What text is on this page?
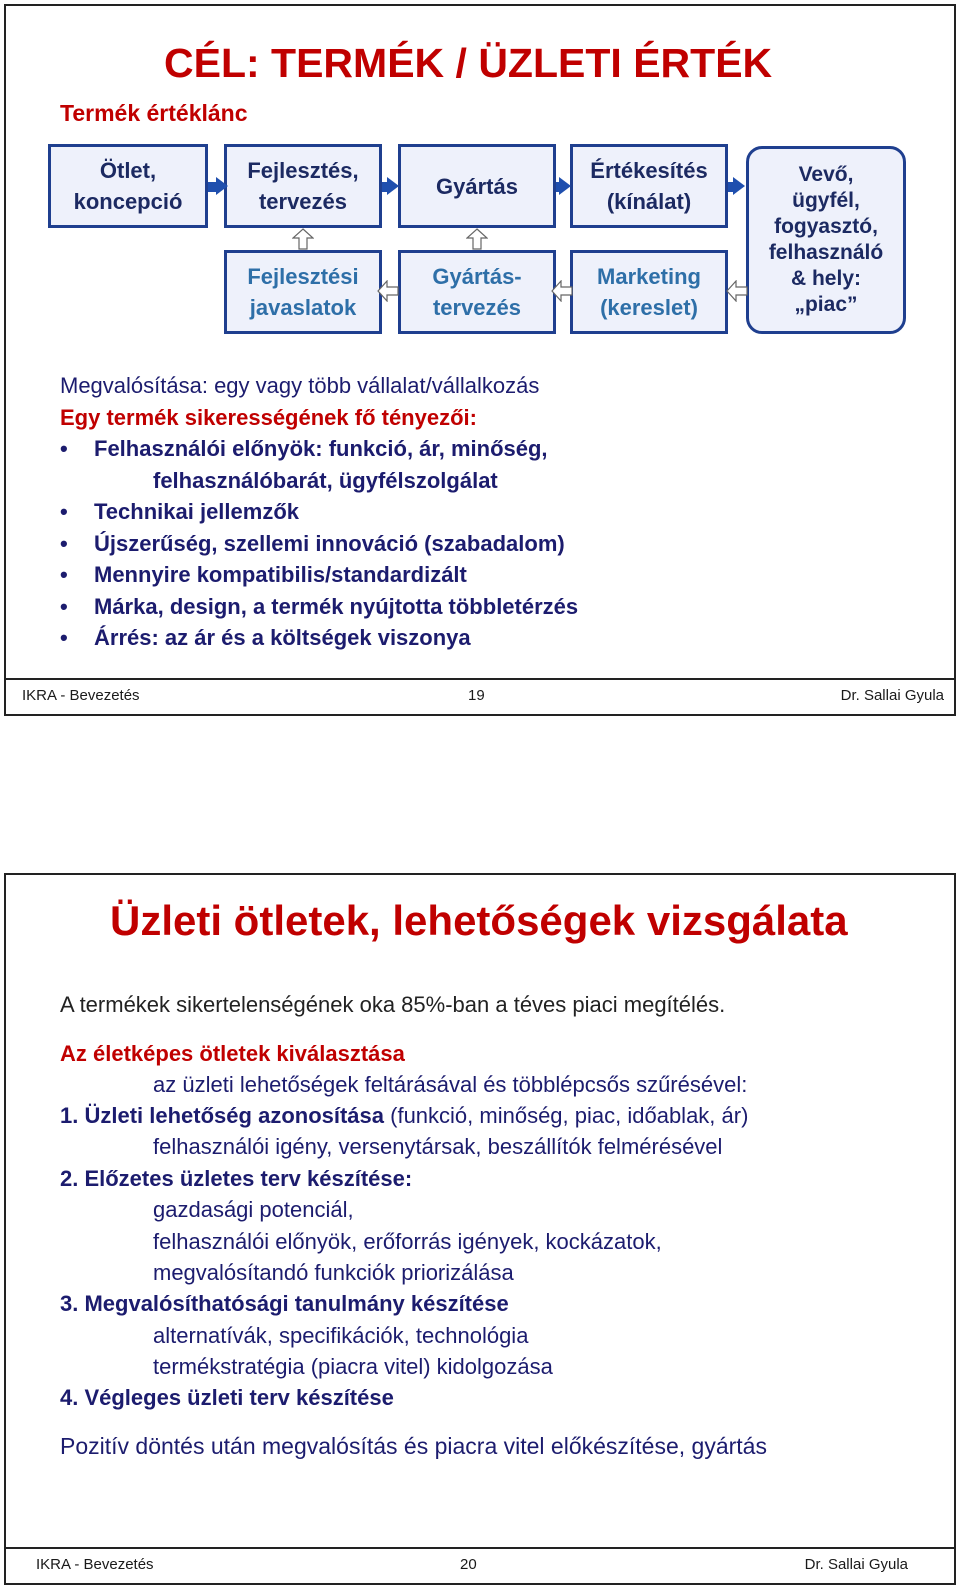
CÉL: TERMÉK / ÜZLETI ÉRTÉK
Termék értéklánc
Ötlet,
koncepció
Fejlesztés,
tervezés
Gyártás
Értékesítés
(kínálat)
Fejlesztési
javaslatok
Gyártás-
tervezés
Marketing
(kereslet)
Vevő,
ügyfél,
fogyasztó,
felhasználó
& hely:
„piac”
Megvalósítása: egy vagy több vállalat/vállalkozás
Egy termék sikerességének fő tényezői:
• Felhasználói előnyök: funkció, ár, minőség,
felhasználóbarát, ügyfélszolgálat
• Technikai jellemzők
• Újszerűség, szellemi innováció (szabadalom)
• Mennyire kompatibilis/standardizált
• Márka, design, a termék nyújtotta többletérzés
• Árrés: az ár és a költségek viszonya
IKRA - Bevezetés	19	Dr. Sallai Gyula
Üzleti ötletek, lehetőségek vizsgálata
A termékek sikertelenségének oka 85%-ban a téves piaci megítélés.
Az életképes ötletek kiválasztása
az üzleti lehetőségek feltárásával és többlépcsős szűrésével:
1. Üzleti lehetőség azonosítása (funkció, minőség, piac, időablak, ár)
felhasználói igény, versenytársak, beszállítók felmérésével
2. Előzetes üzletes terv készítése:
gazdasági potenciál,
felhasználói előnyök, erőforrás igények, kockázatok,
megvalósítandó funkciók priorizálása
3. Megvalósíthatósági tanulmány készítése
alternatívák, specifikációk, technológia
termékstratégia (piacra vitel) kidolgozása
4. Végleges üzleti terv készítése
Pozitív döntés után megvalósítás és piacra vitel előkészítése, gyártás
IKRA - Bevezetés	20	Dr. Sallai Gyula
